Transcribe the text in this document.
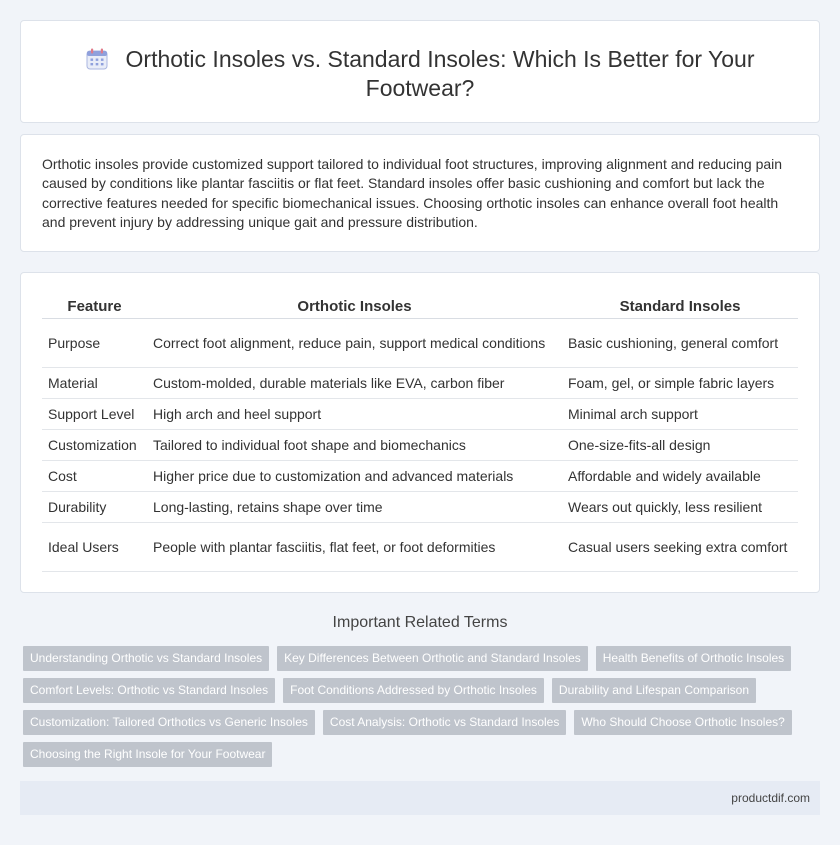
Orthotic Insoles vs. Standard Insoles: Which Is Better for Your Footwear?

Orthotic insoles provide customized support tailored to individual foot structures, improving alignment and reducing pain caused by conditions like plantar fasciitis or flat feet. Standard insoles offer basic cushioning and comfort but lack the corrective features needed for specific biomechanical issues. Choosing orthotic insoles can enhance overall foot health and prevent injury by addressing unique gait and pressure distribution.

Feature	Orthotic Insoles	Standard Insoles
Purpose	Correct foot alignment, reduce pain, support medical conditions	Basic cushioning, general comfort
Material	Custom-molded, durable materials like EVA, carbon fiber	Foam, gel, or simple fabric layers
Support Level	High arch and heel support	Minimal arch support
Customization	Tailored to individual foot shape and biomechanics	One-size-fits-all design
Cost	Higher price due to customization and advanced materials	Affordable and widely available
Durability	Long-lasting, retains shape over time	Wears out quickly, less resilient
Ideal Users	People with plantar fasciitis, flat feet, or foot deformities	Casual users seeking extra comfort
Important Related Terms
Understanding Orthotic vs Standard Insoles	Key Differences Between Orthotic and Standard Insoles	Health Benefits of Orthotic Insoles
Comfort Levels: Orthotic vs Standard Insoles	Foot Conditions Addressed by Orthotic Insoles	Durability and Lifespan Comparison
Customization: Tailored Orthotics vs Generic Insoles	Cost Analysis: Orthotic vs Standard Insoles	Who Should Choose Orthotic Insoles?
Choosing the Right Insole for Your Footwear
productdif.com
